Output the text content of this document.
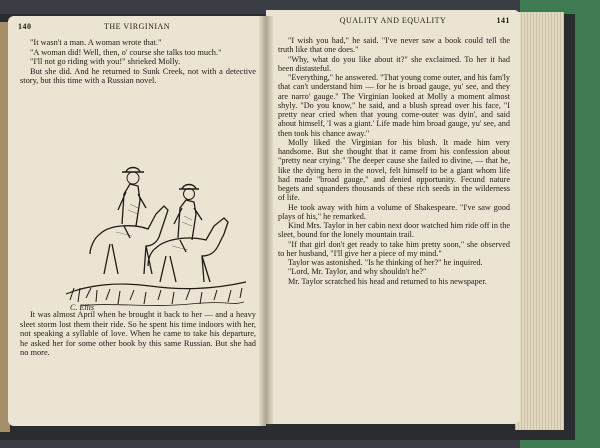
140	THE VIRGINIAN

"It wasn't a man. A woman wrote that."

"A woman did! Well, then, o' course she talks too much."

"I'll not go riding with you!" shrieked Molly.

But she did. And he returned to Sunk Creek, not with a detective story, but this time with a Russian novel.

C. Ellis

It was almost April when he brought it back to her — and a heavy sleet storm lost them their ride. So he spent his time indoors with her, not speaking a syllable of love. When he came to take his departure, he asked her for some other book by this same Russian. But she had no more.

QUALITY AND EQUALITY	141

"I wish you had," he said. "I've never saw a book could tell the truth like that one does."

"Why, what do you like about it?" she exclaimed. To her it had been distasteful.

"Everything," he answered. "That young come outer, and his fam'ly that can't understand him — for he is broad gauge, yu' see, and they are narro' gauge." The Virginian looked at Molly a moment almost shyly. "Do you know," he said, and a blush spread over his face, "I pretty near cried when that young come-outer was dyin', and said about himself, 'I was a giant.' Life made him broad gauge, yu' see, and then took his chance away."

Molly liked the Virginian for his blush. It made him very handsome. But she thought that it came from his confession about "pretty near crying." The deeper cause she failed to divine, — that he, like the dying hero in the novel, felt himself to be a giant whom life had made "broad gauge," and denied opportunity. Fecund nature begets and squanders thousands of these rich seeds in the wilderness of life.

He took away with him a volume of Shakespeare. "I've saw good plays of his," he remarked.

Kind Mrs. Taylor in her cabin next door watched him ride off in the sleet, bound for the lonely mountain trail.

"If that girl don't get ready to take him pretty soon," she observed to her husband, "I'll give her a piece of my mind."

Taylor was astonished. "Is he thinking of her?" he inquired.

"Lord, Mr. Taylor, and why shouldn't he?"

Mr. Taylor scratched his head and returned to his newspaper.
